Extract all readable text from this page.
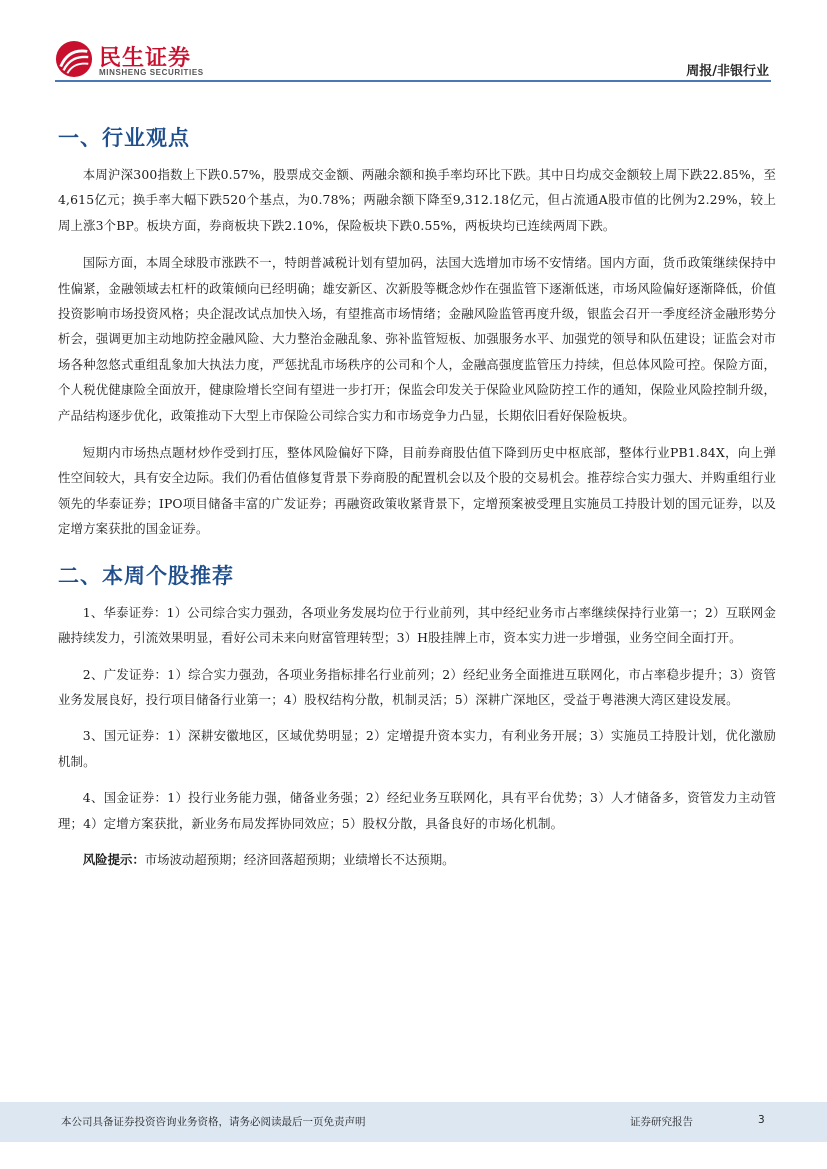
民生证券
MINSHENG SECURITIES	周报/非银行业
一、行业观点

本周沪深300指数上下跌0.57%，股票成交金额、两融余额和换手率均环比下跌。其中日均成交金额较上周下跌22.85%，至4,615亿元；换手率大幅下跌520个基点，为0.78%；两融余额下降至9,312.18亿元，但占流通A股市值的比例为2.29%，较上周上涨3个BP。板块方面，券商板块下跌2.10%，保险板块下跌0.55%，两板块均已连续两周下跌。

国际方面，本周全球股市涨跌不一，特朗普减税计划有望加码，法国大选增加市场不安情绪。国内方面，货币政策继续保持中性偏紧，金融领域去杠杆的政策倾向已经明确；雄安新区、次新股等概念炒作在强监管下逐渐低迷，市场风险偏好逐渐降低，价值投资影响市场投资风格；央企混改试点加快入场，有望推高市场情绪；金融风险监管再度升级，银监会召开一季度经济金融形势分析会，强调更加主动地防控金融风险、大力整治金融乱象、弥补监管短板、加强服务水平、加强党的领导和队伍建设；证监会对市场各种忽悠式重组乱象加大执法力度，严惩扰乱市场秩序的公司和个人，金融高强度监管压力持续，但总体风险可控。保险方面，个人税优健康险全面放开，健康险增长空间有望进一步打开；保监会印发关于保险业风险防控工作的通知，保险业风险控制升级，产品结构逐步优化，政策推动下大型上市保险公司综合实力和市场竞争力凸显，长期依旧看好保险板块。

短期内市场热点题材炒作受到打压，整体风险偏好下降，目前券商股估值下降到历史中枢底部，整体行业PB1.84X，向上弹性空间较大，具有安全边际。我们仍看估值修复背景下券商股的配置机会以及个股的交易机会。推荐综合实力强大、并购重组行业领先的华泰证券；IPO项目储备丰富的广发证券；再融资政策收紧背景下，定增预案被受理且实施员工持股计划的国元证券，以及定增方案获批的国金证券。

二、本周个股推荐

1、华泰证券：1）公司综合实力强劲，各项业务发展均位于行业前列，其中经纪业务市占率继续保持行业第一；2）互联网金融持续发力，引流效果明显，看好公司未来向财富管理转型；3）H股挂牌上市，资本实力进一步增强，业务空间全面打开。

2、广发证券：1）综合实力强劲，各项业务指标排名行业前列；2）经纪业务全面推进互联网化，市占率稳步提升；3）资管业务发展良好，投行项目储备行业第一；4）股权结构分散，机制灵活；5）深耕广深地区，受益于粤港澳大湾区建设发展。

3、国元证券：1）深耕安徽地区，区域优势明显；2）定增提升资本实力，有利业务开展；3）实施员工持股计划，优化激励机制。

4、国金证券：1）投行业务能力强，储备业务强；2）经纪业务互联网化，具有平台优势；3）人才储备多，资管发力主动管理；4）定增方案获批，新业务布局发挥协同效应；5）股权分散，具备良好的市场化机制。

风险提示：市场波动超预期；经济回落超预期；业绩增长不达预期。

本公司具备证券投资咨询业务资格，请务必阅读最后一页免责声明	证券研究报告	3
